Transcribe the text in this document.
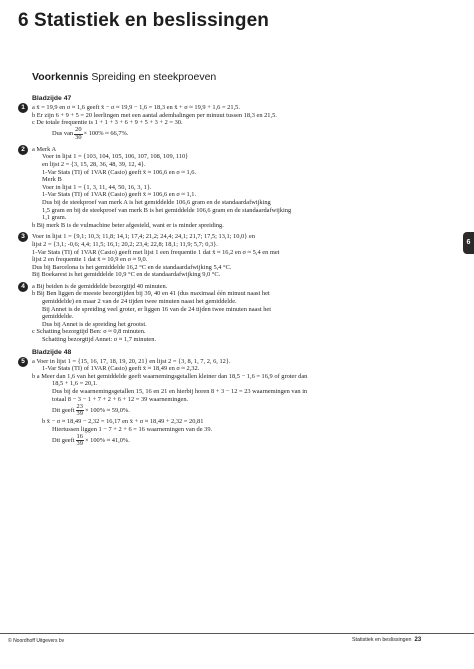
6 Statistiek en beslissingen
Voorkennis Spreiding en steekproeven
Bladzijde 47
1	a x̄ = 19,9 en σ ≈ 1,6 geeft x̄ − σ ≈ 19,9 − 1,6 = 18,3 en x̄ + σ ≈ 19,9 + 1,6 = 21,5.
b Er zijn 6 + 9 + 5 = 20 leerlingen met een aantal ademhalingen per minuut tussen 18,3 en 21,5.
c De totale frequentie is 1 + 1 + 3 + 6 + 9 + 5 + 3 + 2 = 30.
Dus van $\frac{20}{30} \times 100\% \approx 66,7\%$.
2	a Merk A
Voer in lijst 1 = {103, 104, 105, 106, 107, 108, 109, 110}
en lijst 2 = {3, 15, 28, 36, 48, 39, 12, 4}.
1-Var Stats (TI) of 1VAR (Casio) geeft x̄ ≈ 106,6 en σ ≈ 1,6.
Merk B
Voer in lijst 1 = {1, 3, 11, 44, 50, 16, 3, 1}.
1-Var Stats (TI) of 1VAR (Casio) geeft x̄ ≈ 106,6 en σ ≈ 1,1.
Dus bij de steekproef van merk A is het gemiddelde 106,6 gram en de standaardafwijking
1,5 gram en bij de steekproef van merk B is het gemiddelde 106,6 gram en de standaardafwijking
1,1 gram.
b Bij merk B is de vulmachine beter afgesteld, want er is minder spreiding.
3	Voer in lijst 1 = {9,1; 10,3; 11,8; 14,1; 17,4; 21,2; 24,4; 24,1; 21,7; 17,5; 13,1; 10,0} en
lijst 2 = {3,1; -0,6; 4,4; 11,5; 16,1; 20,2; 23,4; 22,8; 18,1; 11,9; 5,7; 0,3}.
1-Var Stats (TI) of 1VAR (Casio) geeft met lijst 1 een frequentie 1 dat x̄ ≈ 16,2 en σ ≈ 5,4 en met
lijst 2 en frequentie 1 dat x̄ ≈ 10,9 en σ ≈ 9,0.
Dus bij Barcelona is het gemiddelde 16,2 °C en de standaardafwijking 5,4 °C.
Bij Boekarest is het gemiddelde 10,9 °C en de standaardafwijking 9,0 °C.
4	a Bij beiden is de gemiddelde bezorgtijd 40 minuten.
b Bij Ben liggen de meeste bezorgtijden bij 39, 40 en 41 (dus maximaal één minuut naast het
gemiddelde) en maar 2 van de 24 tijden twee minuten naast het gemiddelde.
Bij Annet is de spreiding veel groter, er liggen 16 van de 24 tijden twee minuten naast het
gemiddelde.
Dus bij Annet is de spreiding het grootst.
c Schatting bezorgtijd Ben: σ ≈ 0,8 minuten.
Schatting bezorgtijd Annet: σ ≈ 1,7 minuten.
Bladzijde 48
5	a Voer in lijst 1 = {15, 16, 17, 18, 19, 20, 21} en lijst 2 = {3, 8, 1, 7, 2, 6, 12}.
1-Var Stats (TI) of 1VAR (Casio) geeft x̄ ≈ 18,49 en σ ≈ 2,32.
b a Meer dan 1,6 van het gemiddelde geeft waarnemingsgetallen kleiner dan 18,5 − 1,6 = 16,9 of groter dan
18,5 + 1,6 = 20,1.
Dus bij de waarnemingsgetallen 15, 16 en 21 en hierbij horen 8 + 3 − 12 = 23 waarnemingen van in
totaal 8 − 3 − 1 + 7 + 2 + 6 + 12 = 39 waarnemingen.
Dit geeft $\frac{23}{39} \times 100\% \approx 59,0\%$.
b x̄ − σ ≈ 18,49 − 2,32 = 16,17 en x̄ + σ ≈ 18,49 + 2,32 = 20,81
Hiertussen liggen 1 − 7 + 2 + 6 = 16 waarnemingen van de 39.
Dit geeft $\frac{16}{39} \times 100\% \approx 41,0\%$.
6
© Noordhoff Uitgevers bv	Statistiek en beslissingen 23
